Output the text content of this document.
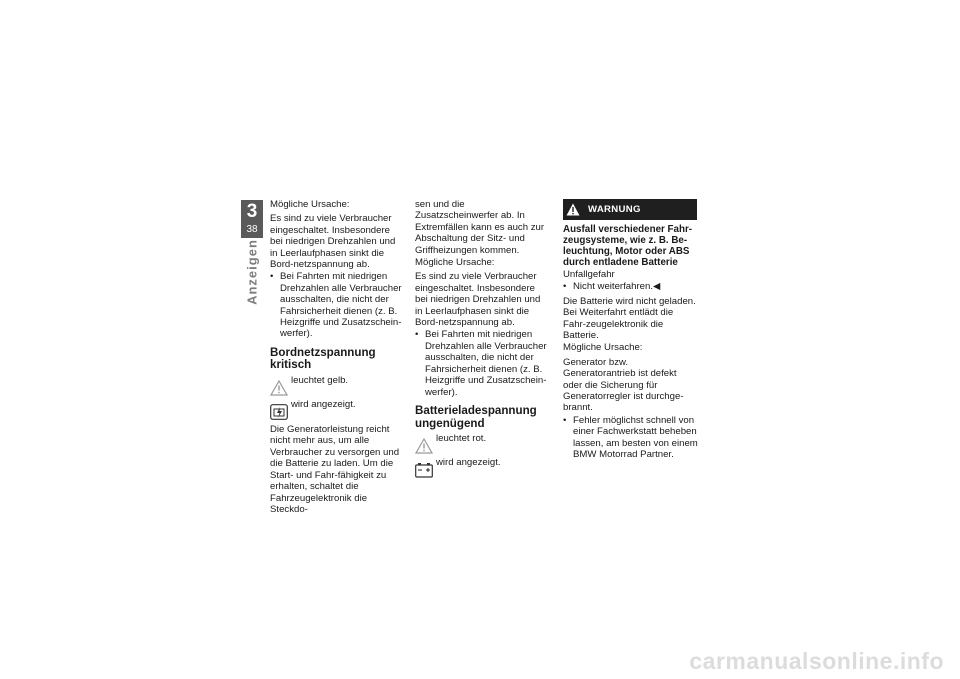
3
38
Anzeigen

Mögliche Ursache:

Es sind zu viele Verbraucher eingeschaltet. Insbesondere bei niedrigen Drehzahlen und in Leerlaufphasen sinkt die Bord-netzspannung ab.

• Bei Fahrten mit niedrigen Drehzahlen alle Verbraucher ausschalten, die nicht der Fahrsicherheit dienen (z. B. Heizgriffe und Zusatzschein-werfer).

Bordnetzspannung kritisch
leuchtet gelb.
wird angezeigt.

Die Generatorleistung reicht nicht mehr aus, um alle Verbraucher zu versorgen und die Batterie zu laden. Um die Start- und Fahr-fähigkeit zu erhalten, schaltet die Fahrzeugelektronik die Steckdo-

sen und die Zusatzscheinwerfer ab. In Extremfällen kann es auch zur Abschaltung der Sitz- und Griffheizungen kommen.

Mögliche Ursache:

Es sind zu viele Verbraucher eingeschaltet. Insbesondere bei niedrigen Drehzahlen und in Leerlaufphasen sinkt die Bord-netzspannung ab.

• Bei Fahrten mit niedrigen Drehzahlen alle Verbraucher ausschalten, die nicht der Fahrsicherheit dienen (z. B. Heizgriffe und Zusatzschein-werfer).

Batterieladespannung ungenügend
leuchtet rot.
wird angezeigt.
WARNUNG
Ausfall verschiedener Fahr-zeugsysteme, wie z. B. Be-leuchtung, Motor oder ABS durch entladene Batterie

Unfallgefahr

• Nicht weiterfahren.◀

Die Batterie wird nicht geladen. Bei Weiterfahrt entlädt die Fahr-zeugelektronik die Batterie.

Mögliche Ursache:

Generator bzw. Generatorantrieb ist defekt oder die Sicherung für Generatorregler ist durchge-brannt.

• Fehler möglichst schnell von einer Fachwerkstatt beheben lassen, am besten von einem BMW Motorrad Partner.

carmanualsonline.info
